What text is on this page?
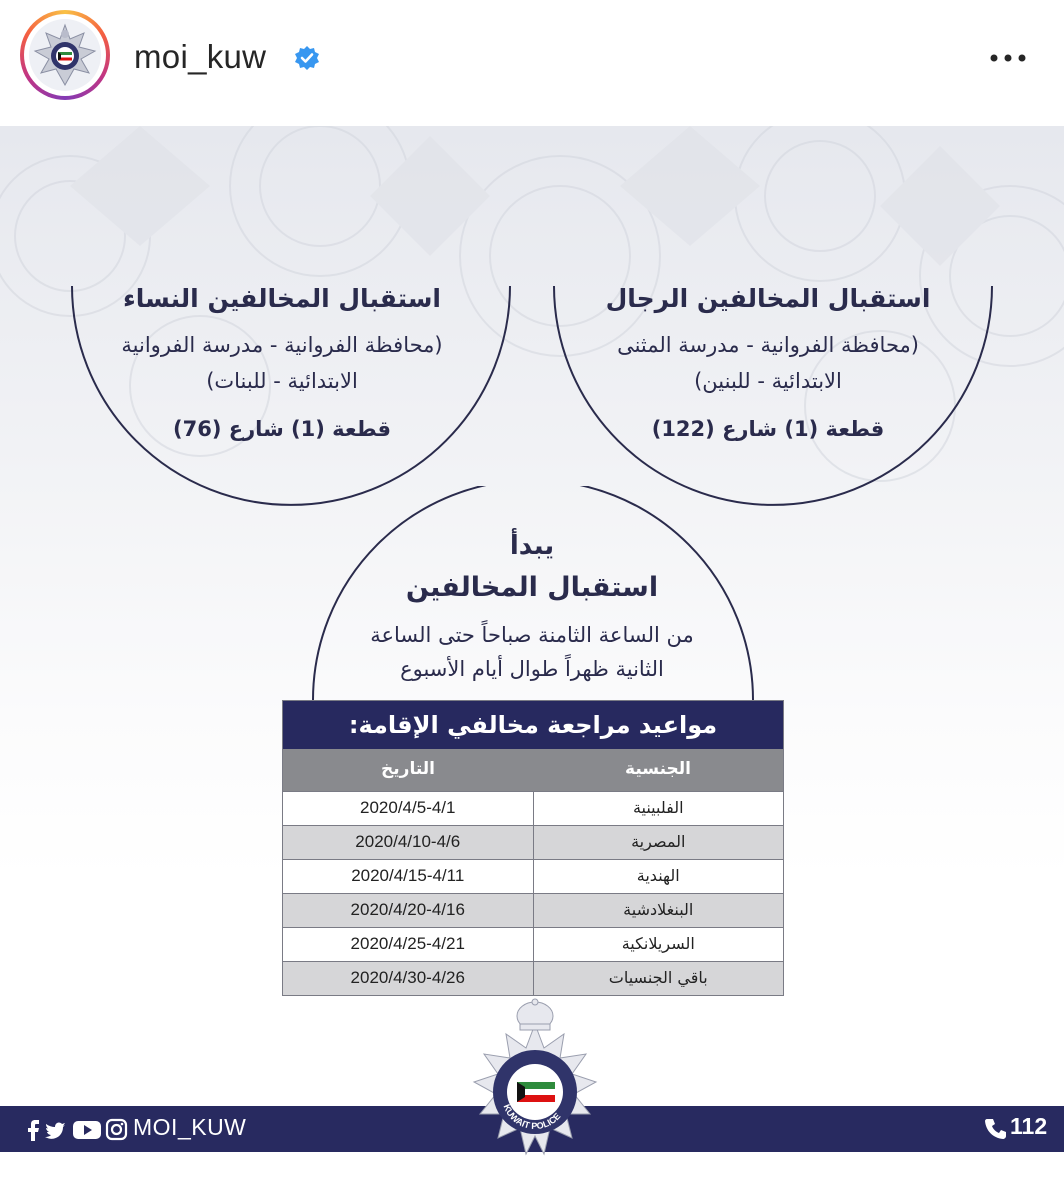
moi_kuw

استقبال المخالفين النساء

(محافظة الفروانية - مدرسة الفروانية

الابتدائية - للبنات)

قطعة (1) شارع (76)

استقبال المخالفين الرجال

(محافظة الفروانية - مدرسة المثنى

الابتدائية - للبنين)

قطعة (1) شارع (122)

يبدأ
استقبال المخالفين
من الساعة الثامنة صباحاً حتى الساعة
الثانية ظهراً طوال أيام الأسبوع
مواعيد مراجعة مخالفي الإقامة:
التاريخ	الجنسية
2020/4/5-4/1	الفلبينية
2020/4/10-4/6	المصرية
2020/4/15-4/11	الهندية
2020/4/20-4/16	البنغلادشية
2020/4/25-4/21	السريلانكية
2020/4/30-4/26	باقي الجنسيات
MOI_KUW	112
KUWAIT POLICE
